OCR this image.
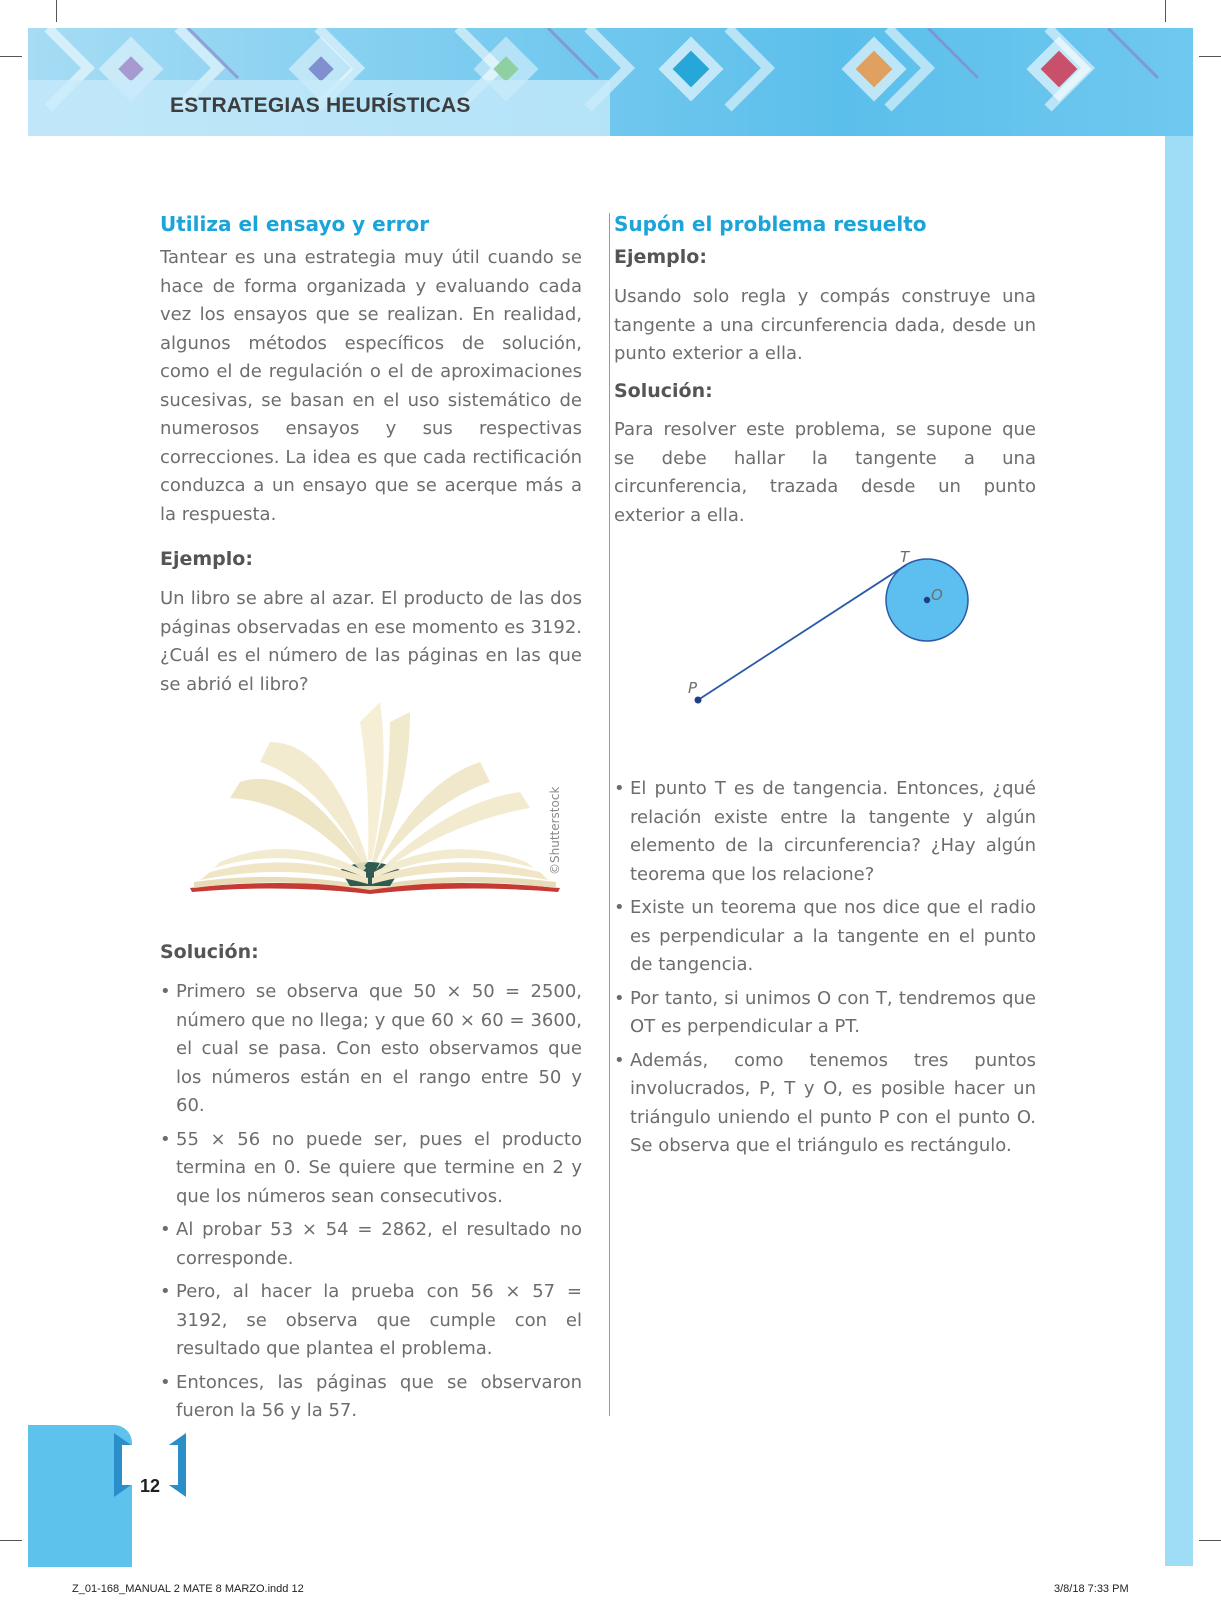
ESTRATEGIAS HEURÍSTICAS
Utiliza el ensayo y error

Tantear es una estrategia muy útil cuando se hace de forma organizada y evaluando cada vez los ensayos que se realizan. En realidad, algunos métodos específicos de solución, como el de regulación o el de aproximaciones sucesivas, se basan en el uso sistemático de numerosos ensayos y sus respectivas correcciones. La idea es que cada rectificación conduzca a un ensayo que se acerque más a la respuesta.

Ejemplo:

Un libro se abre al azar. El producto de las dos páginas observadas en ese momento es 3192. ¿Cuál es el número de las páginas en las que se abrió el libro?

©Shutterstock
Solución:
• Primero se observa que 50 × 50 = 2500, número que no llega; y que 60 × 60 = 3600, el cual se pasa. Con esto observamos que los números están en el rango entre 50 y 60.
• 55 × 56 no puede ser, pues el producto termina en 0. Se quiere que termine en 2 y que los números sean consecutivos.
• Al probar 53 × 54 = 2862, el resultado no corresponde.
• Pero, al hacer la prueba con 56 × 57 = 3192, se observa que cumple con el resultado que plantea el problema.
• Entonces, las páginas que se observaron fueron la 56 y la 57.
Supón el problema resuelto
Ejemplo:

Usando solo regla y compás construye una tangente a una circunferencia dada, desde un punto exterior a ella.

Solución:

Para resolver este problema, se supone que se debe hallar la tangente a una circunferencia, trazada desde un punto exterior a ella.

T
O
P
• El punto T es de tangencia. Entonces, ¿qué relación existe entre la tangente y algún elemento de la circunferencia? ¿Hay algún teorema que los relacione?
• Existe un teorema que nos dice que el radio es perpendicular a la tangente en el punto de tangencia.
• Por tanto, si unimos O con T, tendremos que OT es perpendicular a PT.
• Además, como tenemos tres puntos involucrados, P, T y O, es posible hacer un triángulo uniendo el punto P con el punto O. Se observa que el triángulo es rectángulo.
12
Z_01-168_MANUAL 2 MATE 8 MARZO.indd 12	3/8/18 7:33 PM
